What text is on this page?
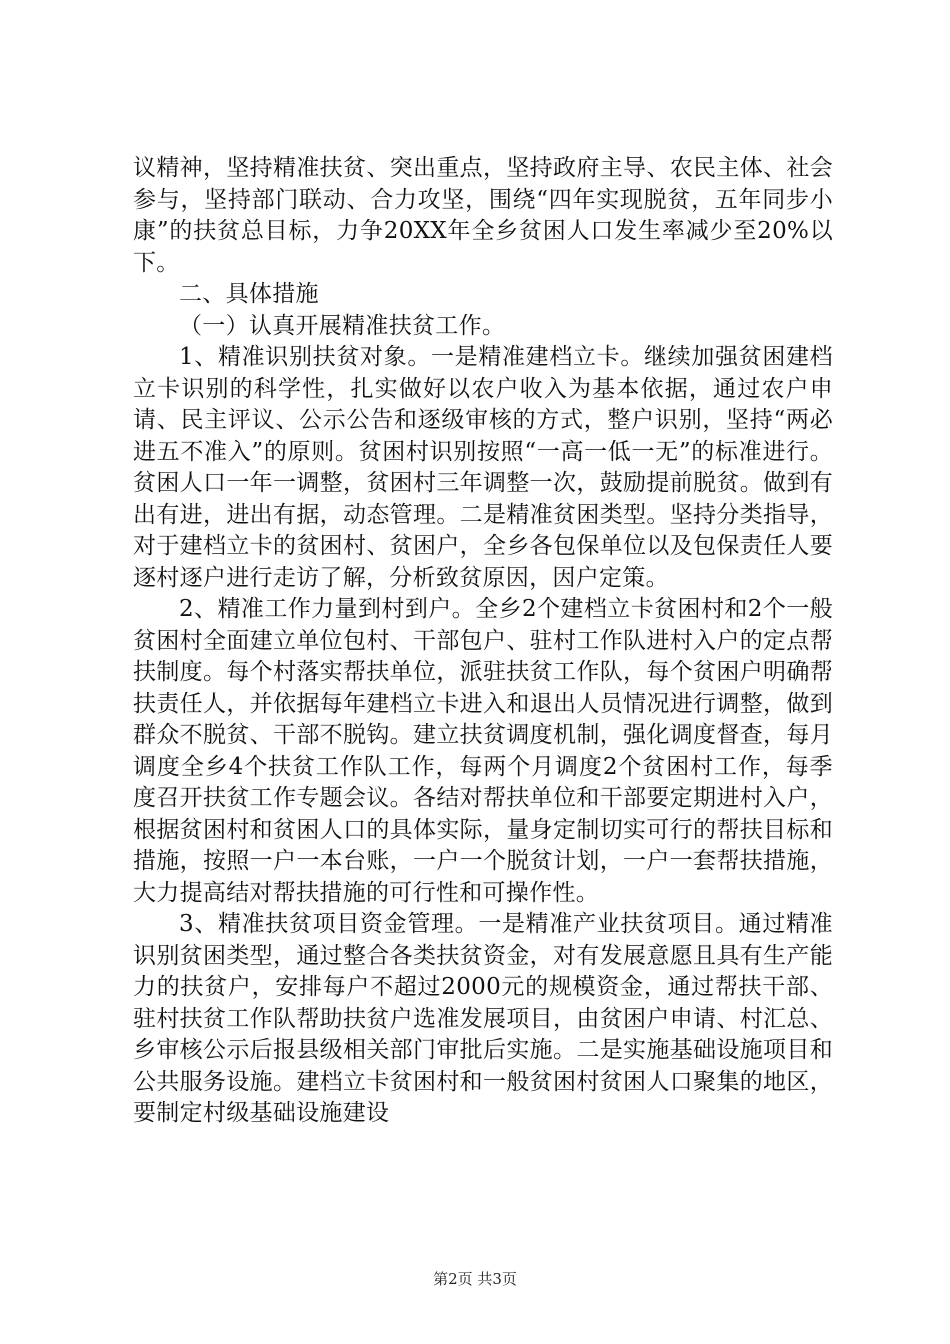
议精神，坚持精准扶贫、突出重点，坚持政府主导、农民主体、社会参与，坚持部门联动、合力攻坚，围绕“四年实现脱贫，五年同步小康”的扶贫总目标，力争20XX年全乡贫困人口发生率减少至20%以下。

二、具体措施

（一）认真开展精准扶贫工作。

1、精准识别扶贫对象。一是精准建档立卡。继续加强贫困建档立卡识别的科学性，扎实做好以农户收入为基本依据，通过农户申请、民主评议、公示公告和逐级审核的方式，整户识别，坚持“两必进五不准入”的原则。贫困村识别按照“一高一低一无”的标准进行。贫困人口一年一调整，贫困村三年调整一次，鼓励提前脱贫。做到有出有进，进出有据，动态管理。二是精准贫困类型。坚持分类指导，对于建档立卡的贫困村、贫困户，全乡各包保单位以及包保责任人要逐村逐户进行走访了解，分析致贫原因，因户定策。

2、精准工作力量到村到户。全乡2个建档立卡贫困村和2个一般贫困村全面建立单位包村、干部包户、驻村工作队进村入户的定点帮扶制度。每个村落实帮扶单位，派驻扶贫工作队，每个贫困户明确帮扶责任人，并依据每年建档立卡进入和退出人员情况进行调整，做到群众不脱贫、干部不脱钩。建立扶贫调度机制，强化调度督查，每月调度全乡4个扶贫工作队工作，每两个月调度2个贫困村工作，每季度召开扶贫工作专题会议。各结对帮扶单位和干部要定期进村入户，根据贫困村和贫困人口的具体实际，量身定制切实可行的帮扶目标和措施，按照一户一本台账，一户一个脱贫计划，一户一套帮扶措施，大力提高结对帮扶措施的可行性和可操作性。

3、精准扶贫项目资金管理。一是精准产业扶贫项目。通过精准识别贫困类型，通过整合各类扶贫资金，对有发展意愿且具有生产能力的扶贫户，安排每户不超过2000元的规模资金，通过帮扶干部、驻村扶贫工作队帮助扶贫户选准发展项目，由贫困户申请、村汇总、乡审核公示后报县级相关部门审批后实施。二是实施基础设施项目和公共服务设施。建档立卡贫困村和一般贫困村贫困人口聚集的地区，要制定村级基础设施建设

第2页 共3页
